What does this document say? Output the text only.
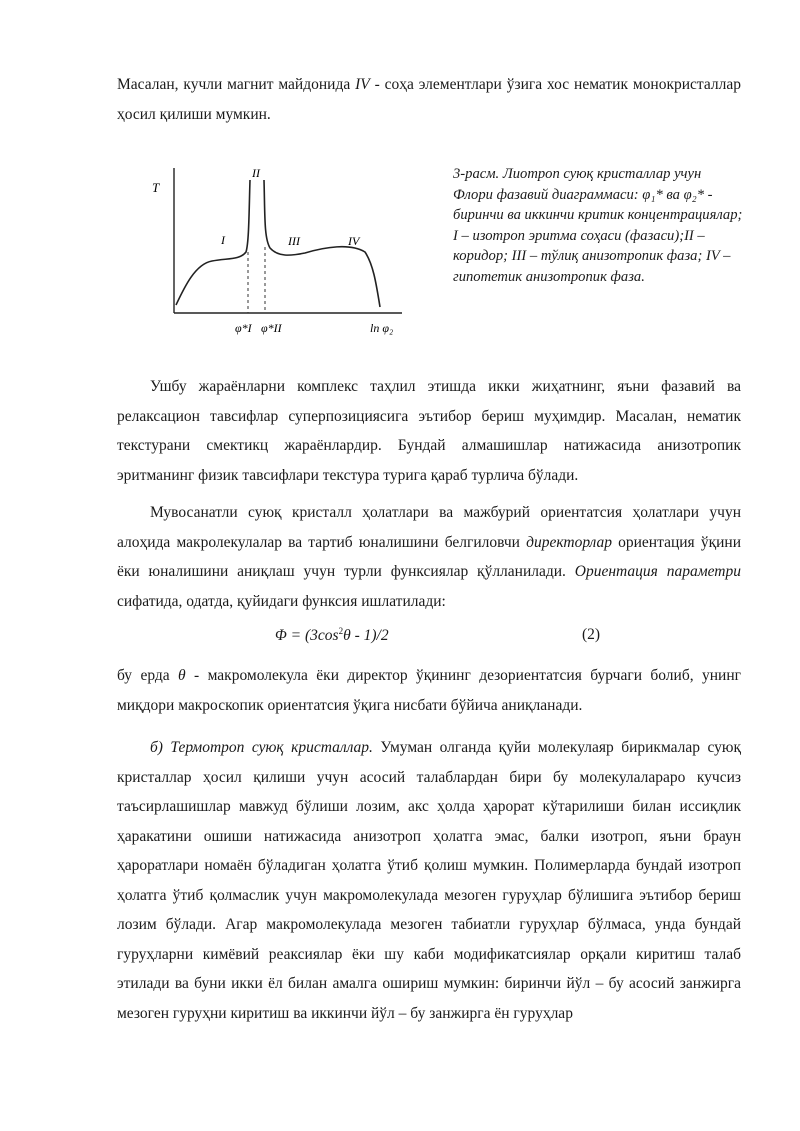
Масалан, кучли магнит майдонида IV - соҳа элементлари ўзига хос нематик монокристаллар ҳосил қилиши мумкин.

T
I
II
III	IV
φ*I φ*II	ln φ₂
3-расм. Лиотроп суюқ кристаллар учун Флори фазавий диаграммаси: φ₁* ва φ₂* - биринчи ва иккинчи критик концентрациялар; I – изотроп эритма соҳаси (фазаси);II – коридор; III – тўлиқ анизотропик фаза; IV – гипотетик анизотропик фаза.

Ушбу жараёнларни комплекс таҳлил этишда икки жиҳатнинг, яъни фазавий ва релаксацион тавсифлар суперпозициясига эътибор бериш муҳимдир. Масалан, нематик текстурани смектикц жараёнлардир. Бундай алмашишлар натижасида анизотропик эритманинг физик тавсифлари текстура турига қараб турлича бўлади.

Мувосанатли суюқ кристалл ҳолатлари ва мажбурий ориентатсия ҳолатлари учун алоҳида макролекулалар ва тартиб юналишини белгиловчи директорлар ориентация ўқини ёки юналишини аниқлаш учун турли функсиялар қўлланилади. Ориентация параметри сифатида, одатда, қуйидаги функсия ишлатилади:

$\Phi = (3\cos^2\theta - 1)/2$	(2)

бу ерда θ - макромолекула ёки директор ўқининг дезориентатсия бурчаги болиб, унинг миқдори макроскопик ориентатсия ўқига нисбати бўйича аниқланади.

б) Термотроп суюқ кристаллар. Умуман олганда қуйи молекулаяр бирикмалар суюқ кристаллар ҳосил қилиши учун асосий талаблардан бири бу молекулалараро кучсиз таъсирлашишлар мавжуд бўлиши лозим, акс ҳолда ҳарорат кўтарилиши билан иссиқлик ҳаракатини ошиши натижасида анизотроп ҳолатга эмас, балки изотроп, яъни браун ҳароратлари номаён бўладиган ҳолатга ўтиб қолиш мумкин. Полимерларда бундай изотроп ҳолатга ўтиб қолмаслик учун макромолекулада мезоген гуруҳлар бўлишига эътибор бериш лозим бўлади. Агар макромолекулада мезоген табиатли гуруҳлар бўлмаса, унда бундай гуруҳларни кимёвий реаксиялар ёки шу каби модификатсиялар орқали киритиш талаб этилади ва буни икки ёл билан амалга ошириш мумкин: биринчи йўл – бу асосий занжирга мезоген гуруҳни киритиш ва иккинчи йўл – бу занжирга ён гуруҳлар
